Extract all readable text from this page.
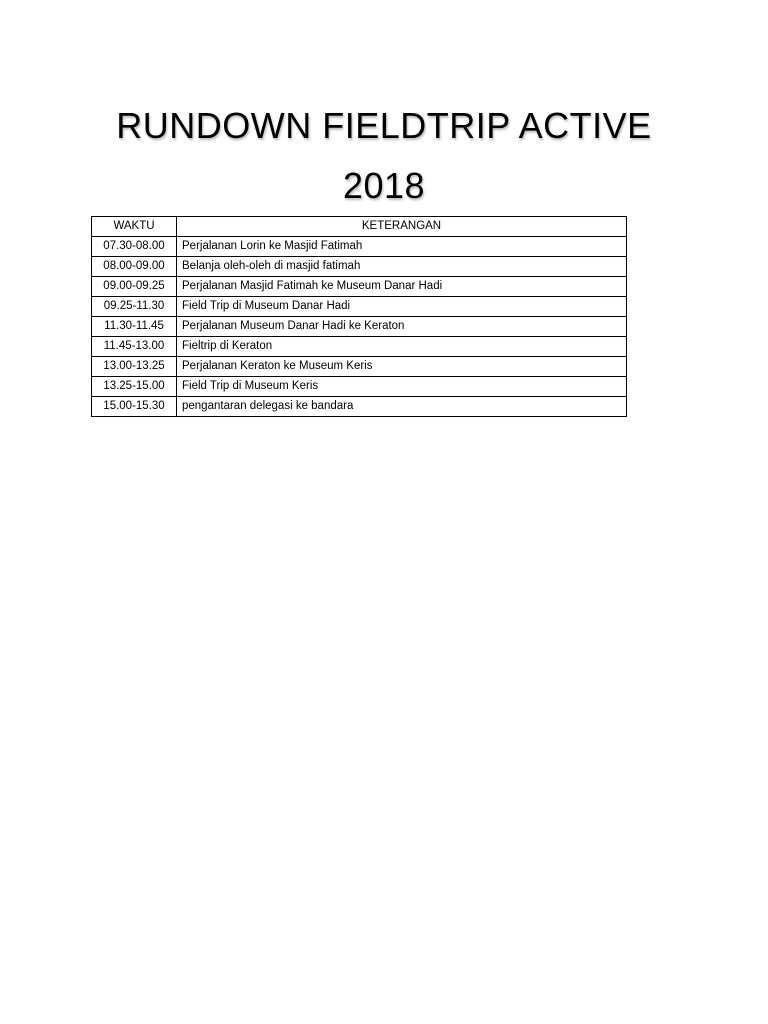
RUNDOWN FIELDTRIP ACTIVE
2018
WAKTU	KETERANGAN
07.30-08.00	Perjalanan Lorin ke Masjid Fatimah
08.00-09.00	Belanja oleh-oleh di masjid fatimah
09.00-09.25	Perjalanan Masjid Fatimah ke Museum Danar Hadi
09.25-11.30	Field Trip di Museum Danar Hadi
11.30-11.45	Perjalanan Museum Danar Hadi ke Keraton
11.45-13.00	Fieltrip di Keraton
13.00-13.25	Perjalanan Keraton ke Museum Keris
13.25-15.00	Field Trip di Museum Keris
15.00-15.30	pengantaran delegasi ke bandara
